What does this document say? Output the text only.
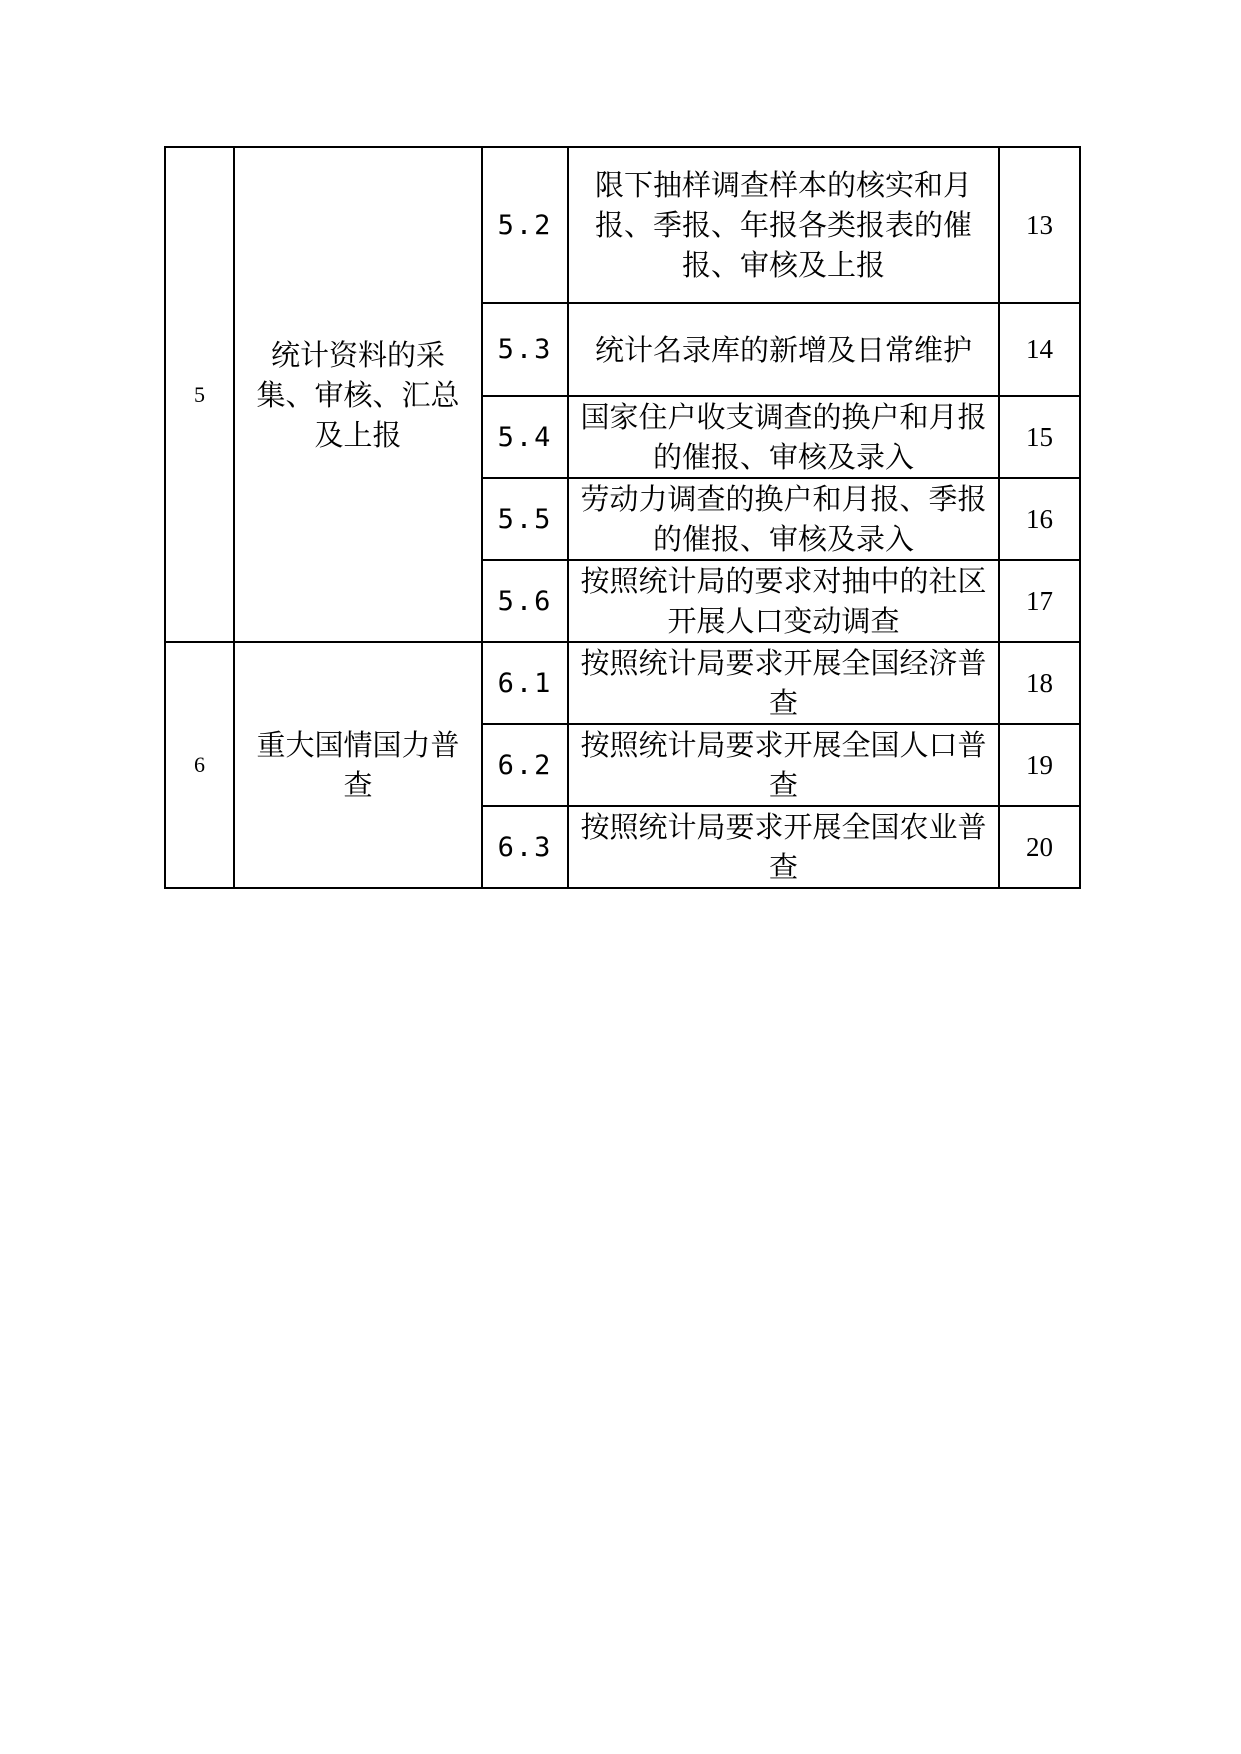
5	统计资料的采集、审核、汇总及上报	5.2	限下抽样调查样本的核实和月报、季报、年报各类报表的催报、审核及上报	13
		5.3	统计名录库的新增及日常维护	14
		5.4	国家住户收支调查的换户和月报的催报、审核及录入	15
		5.5	劳动力调查的换户和月报、季报的催报、审核及录入	16
		5.6	按照统计局的要求对抽中的社区开展人口变动调查	17
6	重大国情国力普查	6.1	按照统计局要求开展全国经济普查	18
		6.2	按照统计局要求开展全国人口普查	19
		6.3	按照统计局要求开展全国农业普查	20
